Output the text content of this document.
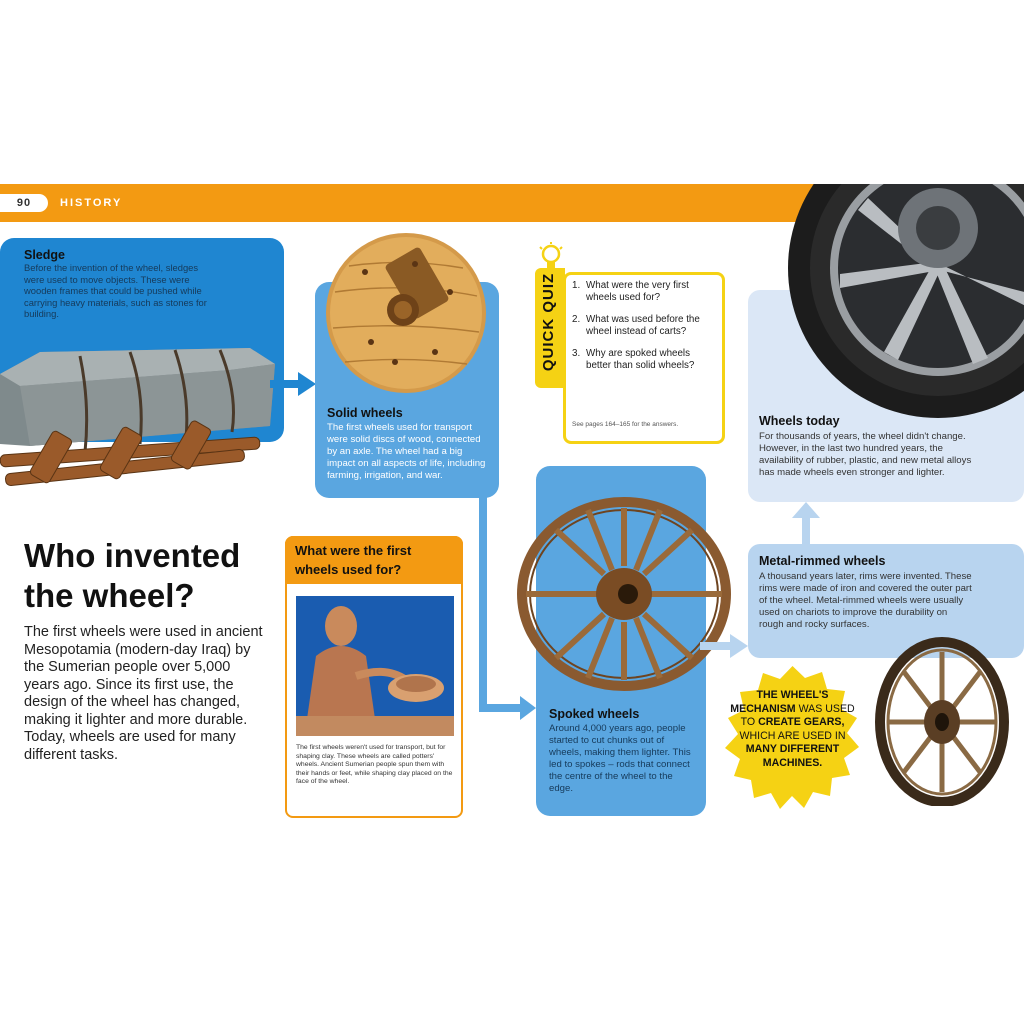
90	HISTORY
Sledge

Before the invention of the wheel, sledges were used to move objects. These were wooden frames that could be pushed while carrying heavy materials, such as stones for building.

Solid wheels

The first wheels used for transport were solid discs of wood, connected by an axle. The wheel had a big impact on all aspects of life, including farming, irrigation, and war.

QUICK QUIZ	1. What were the very first wheels used for?
2. What was used before the wheel instead of carts?
3. Why are spoked wheels better than solid wheels?
See pages 164–165 for the answers.	Wheels today

For thousands of years, the wheel didn't change. However, in the last two hundred years, the availability of rubber, plastic, and new metal alloys has made wheels even stronger and lighter.

Who invented the wheel?

The first wheels were used in ancient Mesopotamia (modern-day Iraq) by the Sumerian people over 5,000 years ago. Since its first use, the design of the wheel has changed, making it lighter and more durable. Today, wheels are used for many different tasks.

What were the first wheels used for?

The first wheels weren't used for transport, but for shaping clay. These wheels are called potters' wheels. Ancient Sumerian people spun them with their hands or feet, while shaping clay placed on the face of the wheel.

Spoked wheels

Around 4,000 years ago, people started to cut chunks out of wheels, making them lighter. This led to spokes – rods that connect the centre of the wheel to the edge.

Metal-rimmed wheels

A thousand years later, rims were invented. These rims were made of iron and covered the outer part of the wheel. Metal-rimmed wheels were usually used on chariots to improve the durability on rough and rocky surfaces.

THE WHEEL'S MECHANISM WAS USED TO CREATE GEARS, WHICH ARE USED IN MANY DIFFERENT MACHINES.
